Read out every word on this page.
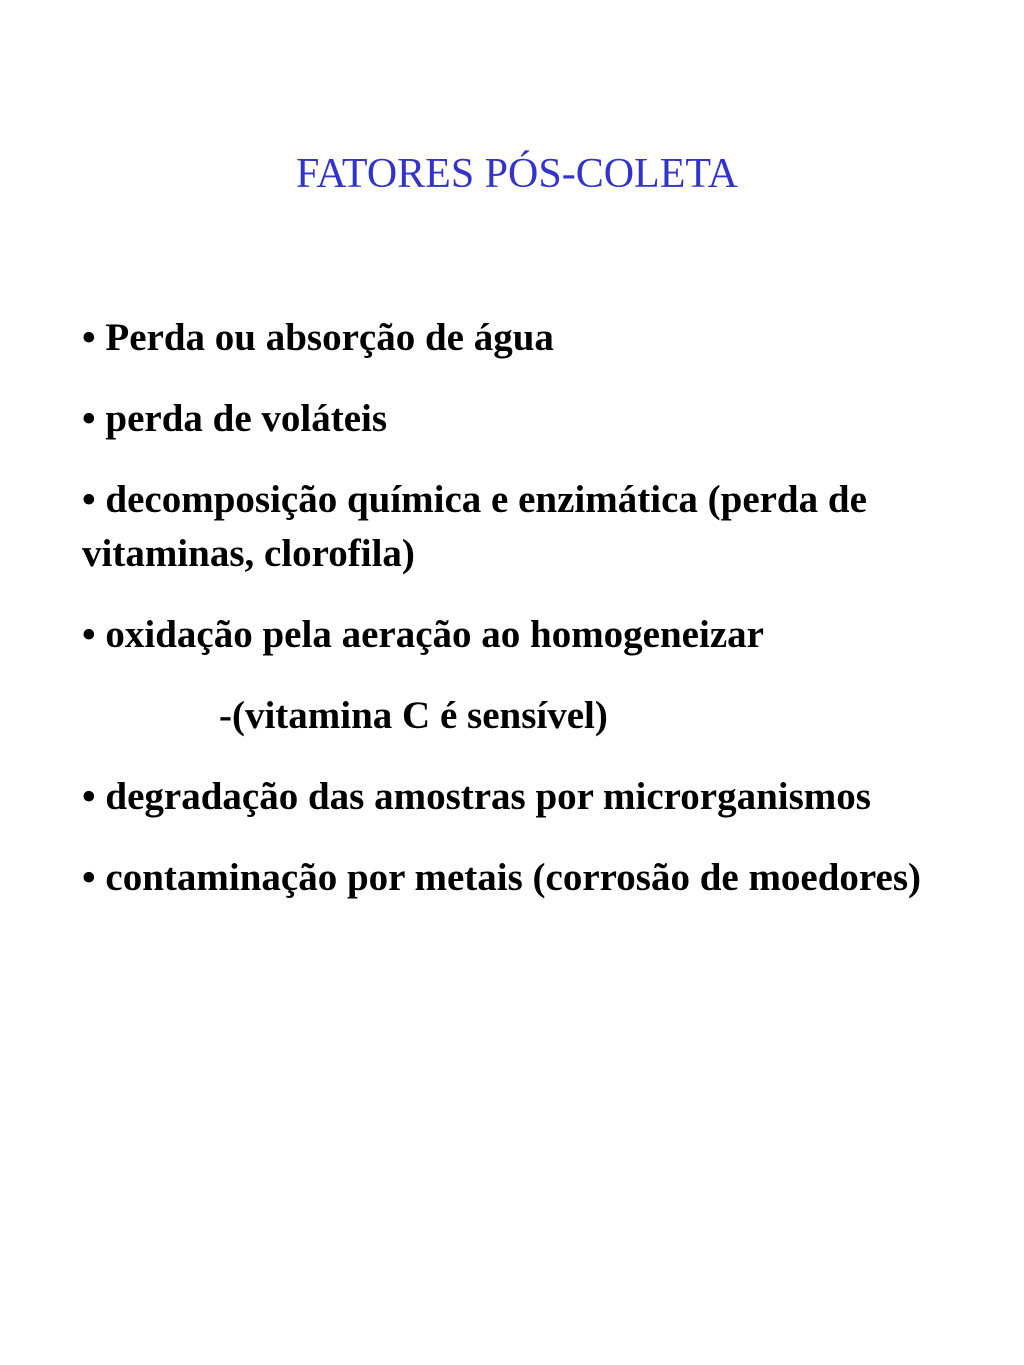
FATORES PÓS-COLETA
• Perda ou absorção de água
• perda de voláteis
• decomposição química e enzimática (perda de vitaminas, clorofila)
• oxidação pela aeração ao homogeneizar
-(vitamina C é sensível)
• degradação das amostras por microrganismos
• contaminação por metais (corrosão de moedores)
